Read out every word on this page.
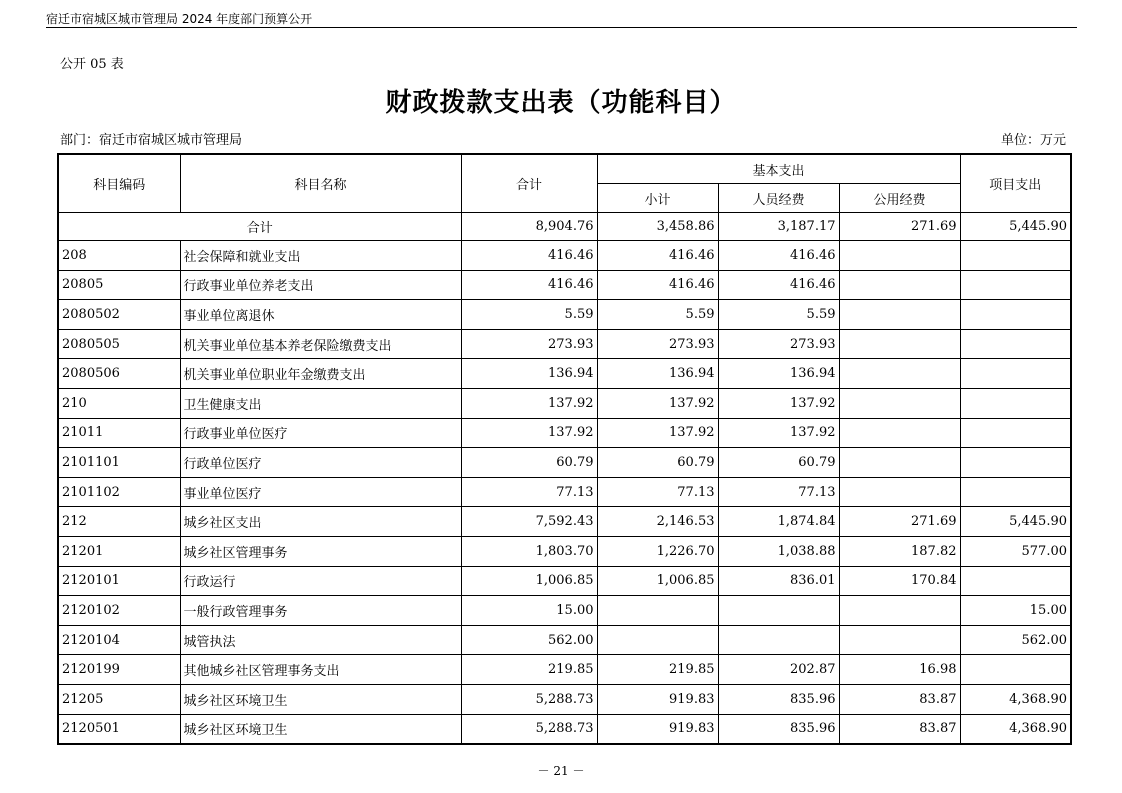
宿迁市宿城区城市管理局 2024 年度部门预算公开
公开 05 表
财政拨款支出表（功能科目）
部门：宿迁市宿城区城市管理局	单位：万元
科目编码	科目名称	合计	基本支出			项目支出
			小计	人员经费	公用经费	
合计		8,904.76	3,458.86	3,187.17	271.69	5,445.90
208	社会保障和就业支出	416.46	416.46	416.46		
20805	行政事业单位养老支出	416.46	416.46	416.46		
2080502	事业单位离退休	5.59	5.59	5.59		
2080505	机关事业单位基本养老保险缴费支出	273.93	273.93	273.93		
2080506	机关事业单位职业年金缴费支出	136.94	136.94	136.94		
210	卫生健康支出	137.92	137.92	137.92		
21011	行政事业单位医疗	137.92	137.92	137.92		
2101101	行政单位医疗	60.79	60.79	60.79		
2101102	事业单位医疗	77.13	77.13	77.13		
212	城乡社区支出	7,592.43	2,146.53	1,874.84	271.69	5,445.90
21201	城乡社区管理事务	1,803.70	1,226.70	1,038.88	187.82	577.00
2120101	行政运行	1,006.85	1,006.85	836.01	170.84	
2120102	一般行政管理事务	15.00				15.00
2120104	城管执法	562.00				562.00
2120199	其他城乡社区管理事务支出	219.85	219.85	202.87	16.98	
21205	城乡社区环境卫生	5,288.73	919.83	835.96	83.87	4,368.90
2120501	城乡社区环境卫生	5,288.73	919.83	835.96	83.87	4,368.90
－ 21 －
